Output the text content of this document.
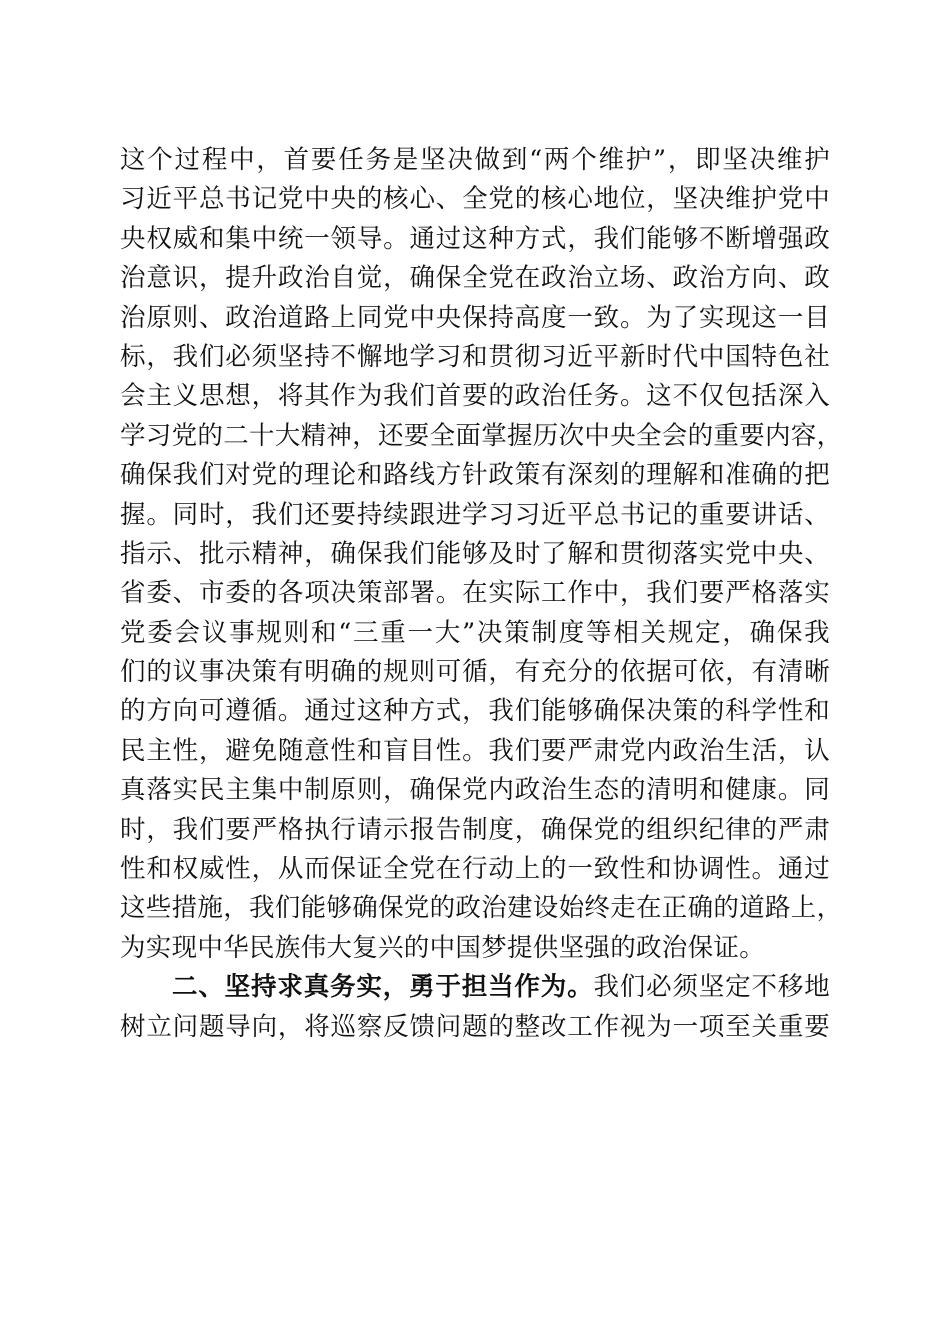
这个过程中，首要任务是坚决做到“两个维护”，即坚决维护
习近平总书记党中央的核心、全党的核心地位，坚决维护党中
央权威和集中统一领导。通过这种方式，我们能够不断增强政
治意识，提升政治自觉，确保全党在政治立场、政治方向、政
治原则、政治道路上同党中央保持高度一致。为了实现这一目
标，我们必须坚持不懈地学习和贯彻习近平新时代中国特色社
会主义思想，将其作为我们首要的政治任务。这不仅包括深入
学习党的二十大精神，还要全面掌握历次中央全会的重要内容，
确保我们对党的理论和路线方针政策有深刻的理解和准确的把
握。同时，我们还要持续跟进学习习近平总书记的重要讲话、
指示、批示精神，确保我们能够及时了解和贯彻落实党中央、
省委、市委的各项决策部署。在实际工作中，我们要严格落实
党委会议事规则和“三重一大”决策制度等相关规定，确保我
们的议事决策有明确的规则可循，有充分的依据可依，有清晰
的方向可遵循。通过这种方式，我们能够确保决策的科学性和
民主性，避免随意性和盲目性。我们要严肃党内政治生活，认
真落实民主集中制原则，确保党内政治生态的清明和健康。同
时，我们要严格执行请示报告制度，确保党的组织纪律的严肃
性和权威性，从而保证全党在行动上的一致性和协调性。通过
这些措施，我们能够确保党的政治建设始终走在正确的道路上，
为实现中华民族伟大复兴的中国梦提供坚强的政治保证。
二、坚持求真务实，勇于担当作为。我们必须坚定不移地
树立问题导向，将巡察反馈问题的整改工作视为一项至关重要
